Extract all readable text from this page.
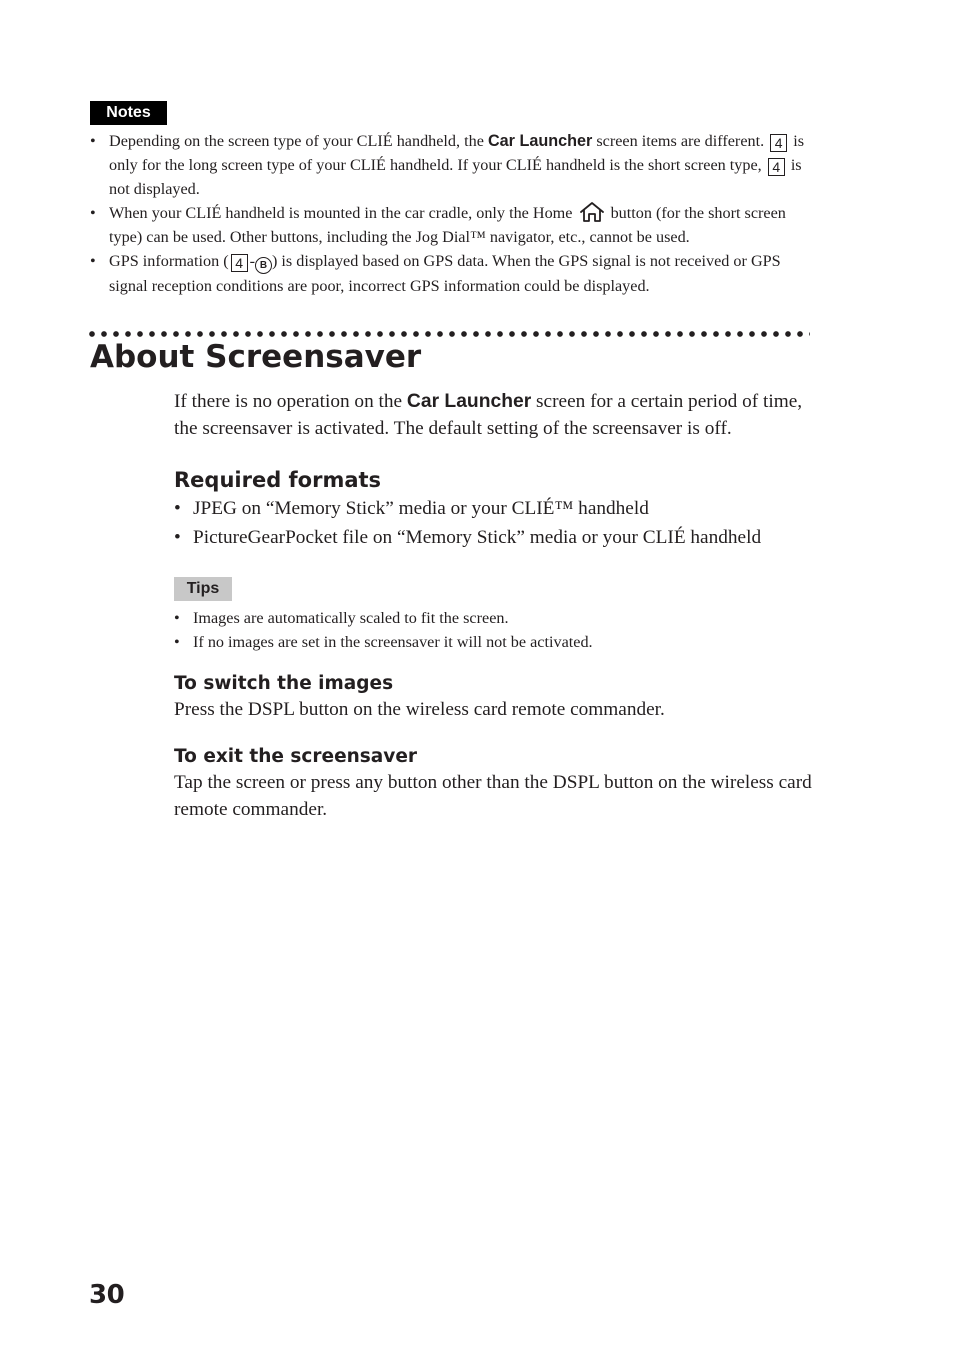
Notes
• Depending on the screen type of your CLIÉ handheld, the Car Launcher screen items are different. 4 is only for the long screen type of your CLIÉ handheld. If your CLIÉ handheld is the short screen type, 4 is not displayed.
• When your CLIÉ handheld is mounted in the car cradle, only the Home button (for the short screen type) can be used. Other buttons, including the Jog Dial™ navigator, etc., cannot be used.
• GPS information ( 4 - B ) is displayed based on GPS data. When the GPS signal is not received or GPS signal reception conditions are poor, incorrect GPS information could be displayed.
About Screensaver

If there is no operation on the Car Launcher screen for a certain period of time, the screensaver is activated. The default setting of the screensaver is off.

Required formats
• JPEG on “Memory Stick” media or your CLIÉ™ handheld
• PictureGearPocket file on “Memory Stick” media or your CLIÉ handheld
Tips
• Images are automatically scaled to fit the screen.
• If no images are set in the screensaver it will not be activated.
To switch the images

Press the DSPL button on the wireless card remote commander.

To exit the screensaver

Tap the screen or press any button other than the DSPL button on the wireless card remote commander.

30
